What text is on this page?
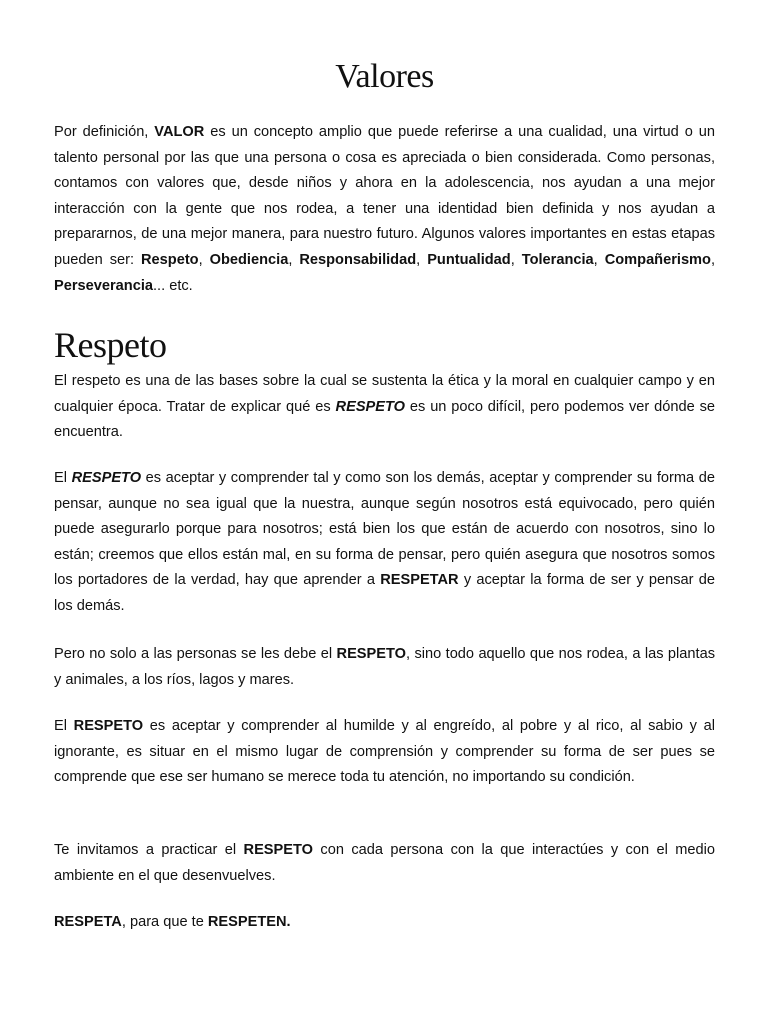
Valores

Por definición, VALOR es un concepto amplio que puede referirse a una cualidad, una virtud o un talento personal por las que una persona o cosa es apreciada o bien considerada. Como personas, contamos con valores que, desde niños y ahora en la adolescencia, nos ayudan a una mejor interacción con la gente que nos rodea, a tener una identidad bien definida y nos ayudan a prepararnos, de una mejor manera, para nuestro futuro. Algunos valores importantes en estas etapas pueden ser: Respeto, Obediencia, Responsabilidad, Puntualidad, Tolerancia, Compañerismo, Perseverancia... etc.

Respeto

El respeto es una de las bases sobre la cual se sustenta la ética y la moral en cualquier campo y en cualquier época. Tratar de explicar qué es RESPETO es un poco difícil, pero podemos ver dónde se encuentra.

El RESPETO es aceptar y comprender tal y como son los demás, aceptar y comprender su forma de pensar, aunque no sea igual que la nuestra, aunque según nosotros está equivocado, pero quién puede asegurarlo porque para nosotros; está bien los que están de acuerdo con nosotros, sino lo están; creemos que ellos están mal, en su forma de pensar, pero quién asegura que nosotros somos los portadores de la verdad, hay que aprender a RESPETAR y aceptar la forma de ser y pensar de los demás.

Pero no solo a las personas se les debe el RESPETO, sino todo aquello que nos rodea, a las plantas y animales, a los ríos, lagos y mares.

El RESPETO es aceptar y comprender al humilde y al engreído, al pobre y al rico, al sabio y al ignorante, es situar en el mismo lugar de comprensión y comprender su forma de ser pues se comprende que ese ser humano se merece toda tu atención, no importando su condición.

Te invitamos a practicar el RESPETO con cada persona con la que interactúes y con el medio ambiente en el que desenvuelves.

RESPETA, para que te RESPETEN.
